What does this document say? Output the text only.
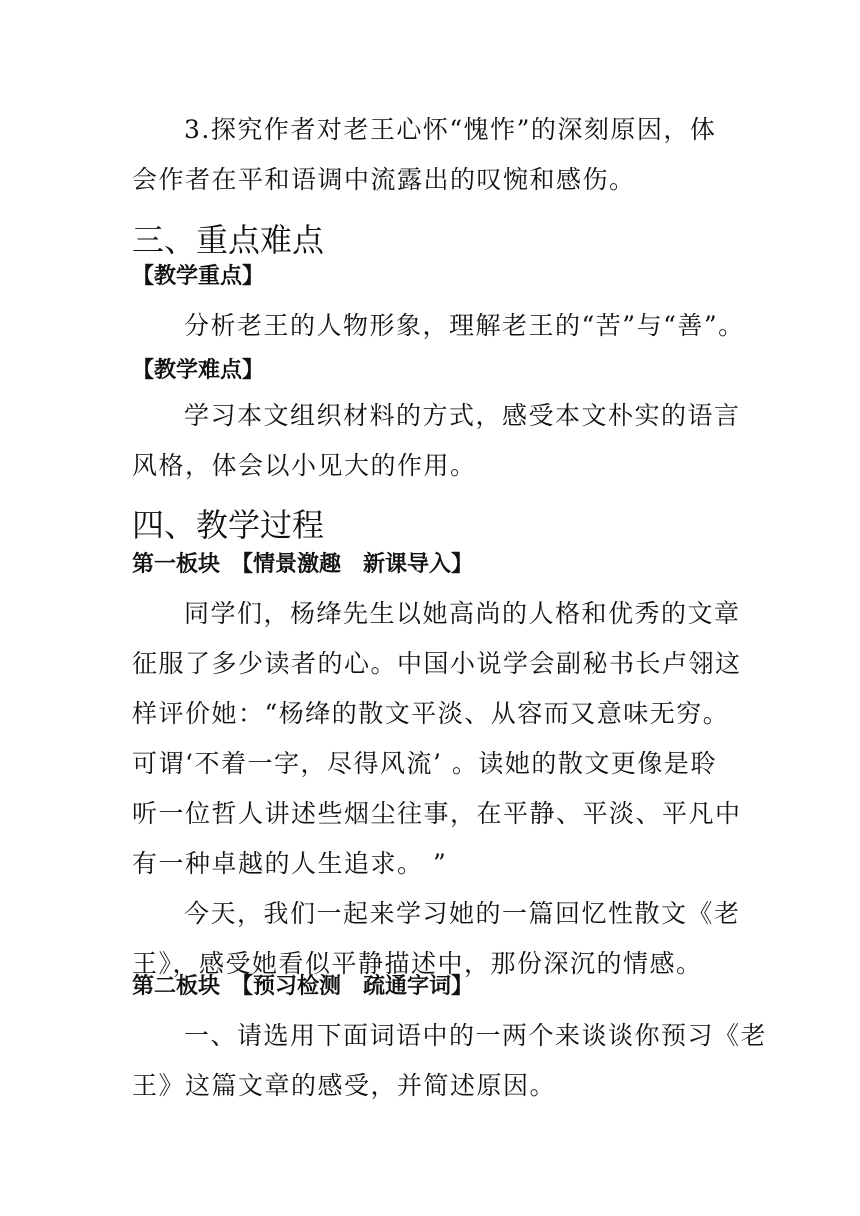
3.探究作者对老王心怀“愧怍”的深刻原因，体
会作者在平和语调中流露出的叹惋和感伤。
三、重点难点
【教学重点】
分析老王的人物形象，理解老王的“苦”与“善”。
【教学难点】
学习本文组织材料的方式，感受本文朴实的语言
风格，体会以小见大的作用。
四、教学过程
第一板块　【情景激趣　新课导入】
同学们，杨绛先生以她高尚的人格和优秀的文章
征服了多少读者的心。中国小说学会副秘书长卢翎这
样评价她：“杨绛的散文平淡、从容而又意味无穷。
可谓‘不着一字，尽得风流’ 。读她的散文更像是聆
听一位哲人讲述些烟尘往事，在平静、平淡、平凡中
有一种卓越的人生追求。 ”
今天，我们一起来学习她的一篇回忆性散文《老
王》，感受她看似平静描述中，那份深沉的情感。
第二板块　【预习检测　疏通字词】
一、请选用下面词语中的一两个来谈谈你预习《老
王》这篇文章的感受，并简述原因。
